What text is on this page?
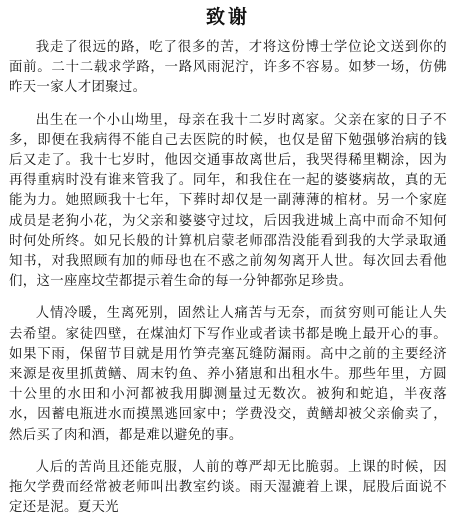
致谢

我走了很远的路，吃了很多的苦，才将这份博士学位论文送到你的面前。二十二载求学路，一路风雨泥泞，许多不容易。如梦一场，仿佛昨天一家人才团聚过。

出生在一个小山坳里，母亲在我十二岁时离家。父亲在家的日子不多，即便在我病得不能自己去医院的时候，也仅是留下勉强够治病的钱后又走了。我十七岁时，他因交通事故离世后，我哭得稀里糊涂，因为再得重病时没有谁来管我了。同年，和我住在一起的婆婆病故，真的无能为力。她照顾我十七年，下葬时却仅是一副薄薄的棺材。另一个家庭成员是老狗小花，为父亲和婆婆守过坟，后因我进城上高中而命不知何时何处所终。如兄长般的计算机启蒙老师邵浩没能看到我的大学录取通知书，对我照顾有加的师母也在不惑之前匆匆离开人世。每次回去看他们，这一座座坟茔都提示着生命的每一分钟都弥足珍贵。

人情冷暖，生离死别，固然让人痛苦与无奈，而贫穷则可能让人失去希望。家徒四壁，在煤油灯下写作业或者读书都是晚上最开心的事。如果下雨，保留节目就是用竹笋壳塞瓦缝防漏雨。高中之前的主要经济来源是夜里抓黄鳝、周末钓鱼、养小猪崽和出租水牛。那些年里，方圆十公里的水田和小河都被我用脚测量过无数次。被狗和蛇追，半夜落水，因蓄电瓶进水而摸黑逃回家中；学费没交，黄鳝却被父亲偷卖了，然后买了肉和酒，都是难以避免的事。

人后的苦尚且还能克服，人前的尊严却无比脆弱。上课的时候，因拖欠学费而经常被老师叫出教室约谈。雨天湿漉着上课，屁股后面说不定还是泥。夏天光
